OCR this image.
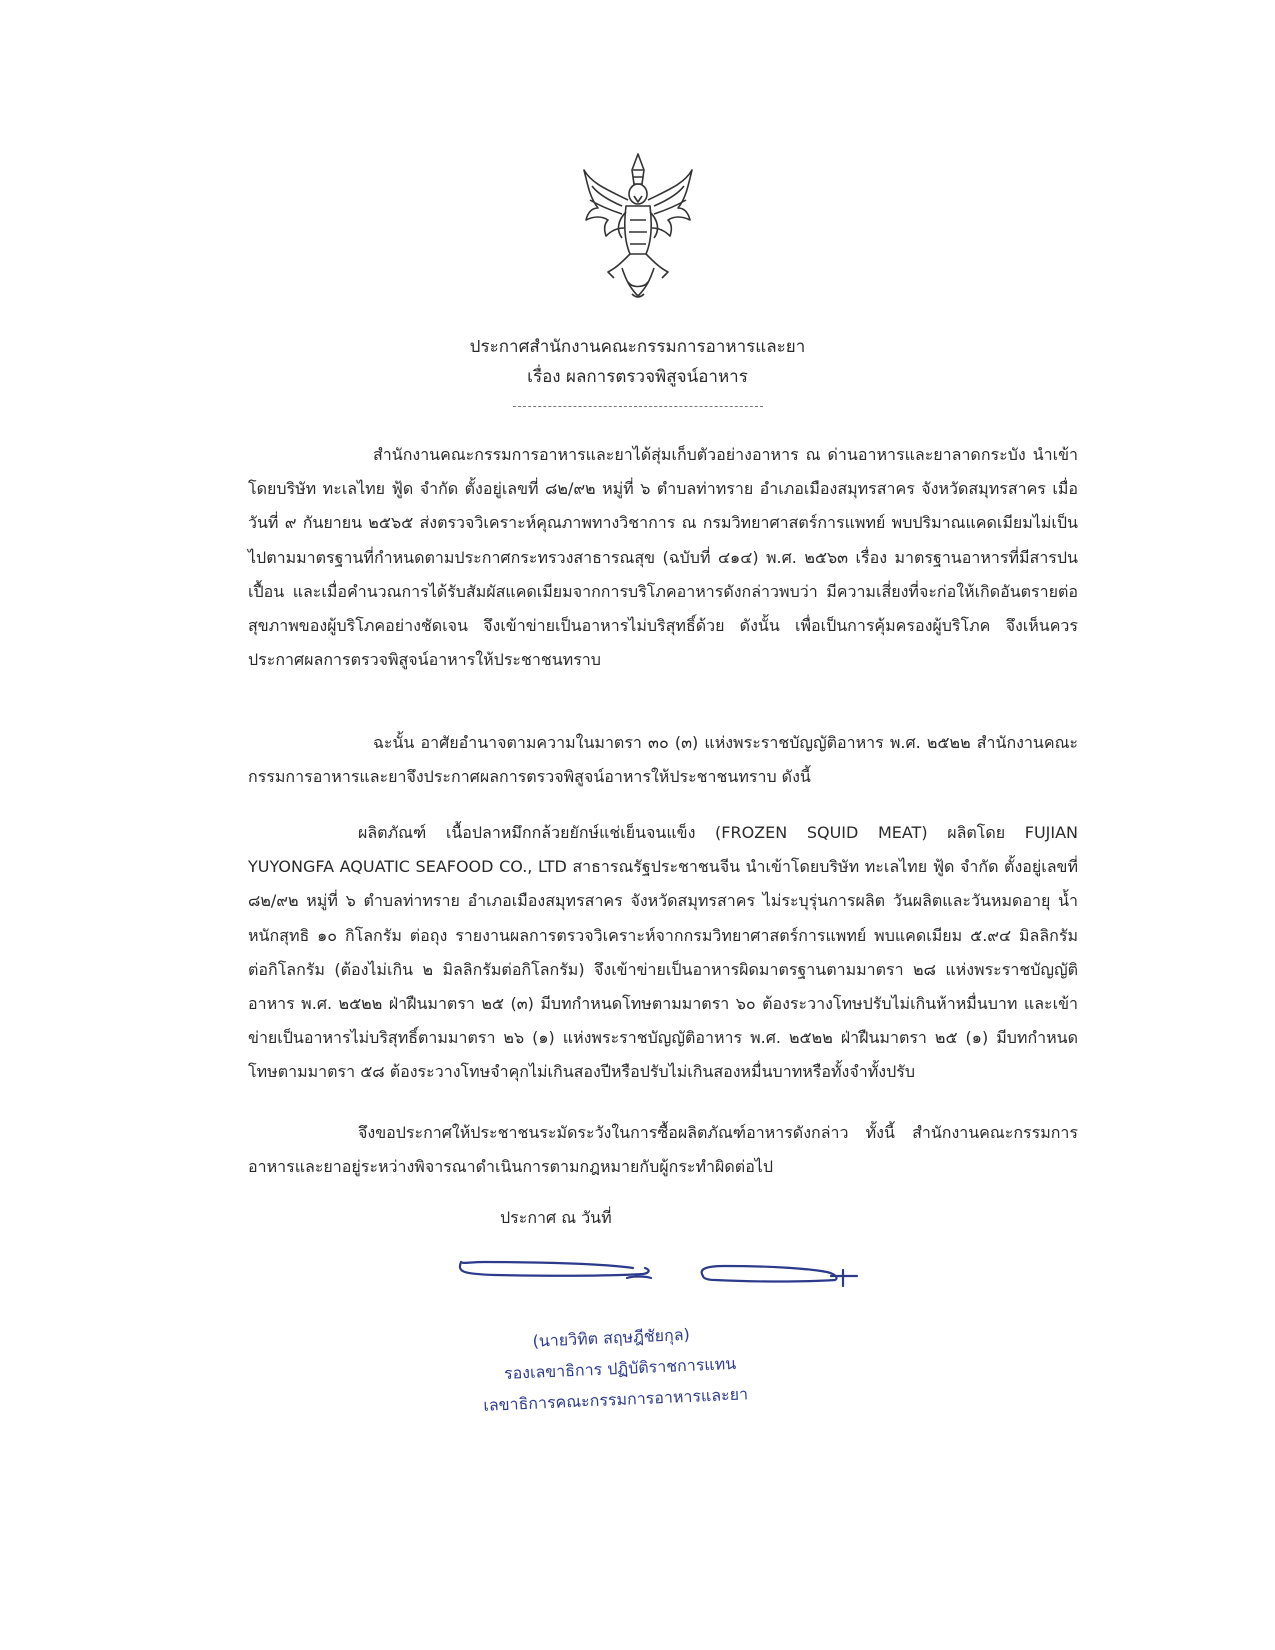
ประกาศสำนักงานคณะกรรมการอาหารและยา
เรื่อง ผลการตรวจพิสูจน์อาหาร

สำนักงานคณะกรรมการอาหารและยาได้สุ่มเก็บตัวอย่างอาหาร ณ ด่านอาหารและยาลาดกระบัง นำเข้าโดยบริษัท ทะเลไทย ฟู้ด จำกัด ตั้งอยู่เลขที่ ๘๒/๙๒ หมู่ที่ ๖ ตำบลท่าทราย อำเภอเมืองสมุทรสาคร จังหวัดสมุทรสาคร เมื่อวันที่ ๙ กันยายน ๒๕๖๕ ส่งตรวจวิเคราะห์คุณภาพทางวิชาการ ณ กรมวิทยาศาสตร์การแพทย์ พบปริมาณแคดเมียมไม่เป็นไปตามมาตรฐานที่กำหนดตามประกาศกระทรวงสาธารณสุข (ฉบับที่ ๔๑๔) พ.ศ. ๒๕๖๓ เรื่อง มาตรฐานอาหารที่มีสารปนเปื้อน และเมื่อคำนวณการได้รับสัมผัสแคดเมียมจากการบริโภคอาหารดังกล่าวพบว่า มีความเสี่ยงที่จะก่อให้เกิดอันตรายต่อสุขภาพของผู้บริโภคอย่างชัดเจน จึงเข้าข่ายเป็นอาหารไม่บริสุทธิ์ด้วย ดังนั้น เพื่อเป็นการคุ้มครองผู้บริโภค จึงเห็นควรประกาศผลการตรวจพิสูจน์อาหารให้ประชาชนทราบ

ฉะนั้น อาศัยอำนาจตามความในมาตรา ๓๐ (๓) แห่งพระราชบัญญัติอาหาร พ.ศ. ๒๕๒๒ สำนักงานคณะกรรมการอาหารและยาจึงประกาศผลการตรวจพิสูจน์อาหารให้ประชาชนทราบ ดังนี้

ผลิตภัณฑ์ เนื้อปลาหมึกกล้วยยักษ์แช่เย็นจนแข็ง (FROZEN SQUID MEAT) ผลิตโดย FUJIAN YUYONGFA AQUATIC SEAFOOD CO., LTD สาธารณรัฐประชาชนจีน นำเข้าโดยบริษัท ทะเลไทย ฟู้ด จำกัด ตั้งอยู่เลขที่ ๘๒/๙๒ หมู่ที่ ๖ ตำบลท่าทราย อำเภอเมืองสมุทรสาคร จังหวัดสมุทรสาคร ไม่ระบุรุ่นการผลิต วันผลิตและวันหมดอายุ น้ำหนักสุทธิ ๑๐ กิโลกรัม ต่อถุง รายงานผลการตรวจวิเคราะห์จากกรมวิทยาศาสตร์การแพทย์ พบแคดเมียม ๕.๙๔ มิลลิกรัมต่อกิโลกรัม (ต้องไม่เกิน ๒ มิลลิกรัมต่อกิโลกรัม) จึงเข้าข่ายเป็นอาหารผิดมาตรฐานตามมาตรา ๒๘ แห่งพระราชบัญญัติอาหาร พ.ศ. ๒๕๒๒ ฝ่าฝืนมาตรา ๒๕ (๓) มีบทกำหนดโทษตามมาตรา ๖๐ ต้องระวางโทษปรับไม่เกินห้าหมื่นบาท และเข้าข่ายเป็นอาหารไม่บริสุทธิ์ตามมาตรา ๒๖ (๑) แห่งพระราชบัญญัติอาหาร พ.ศ. ๒๕๒๒ ฝ่าฝืนมาตรา ๒๕ (๑) มีบทกำหนดโทษตามมาตรา ๕๘ ต้องระวางโทษจำคุกไม่เกินสองปีหรือปรับไม่เกินสองหมื่นบาทหรือทั้งจำทั้งปรับ

จึงขอประกาศให้ประชาชนระมัดระวังในการซื้อผลิตภัณฑ์อาหารดังกล่าว ทั้งนี้ สำนักงานคณะกรรมการอาหารและยาอยู่ระหว่างพิจารณาดำเนินการตามกฎหมายกับผู้กระทำผิดต่อไป

ประกาศ ณ วันที่
(นายวิทิต สฤษฎีชัยกุล)
รองเลขาธิการ ปฏิบัติราชการแทน
เลขาธิการคณะกรรมการอาหารและยา
